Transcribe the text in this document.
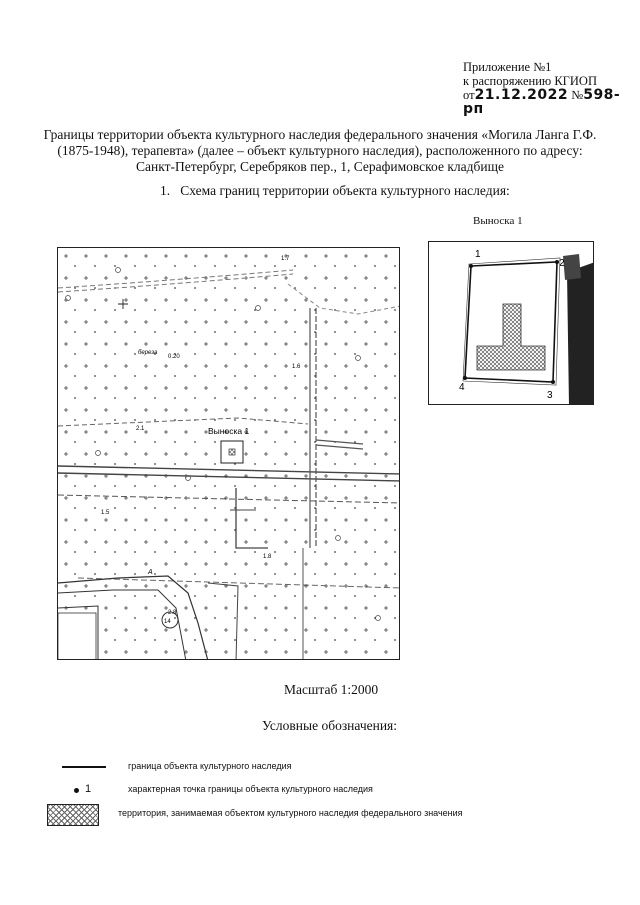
Приложение №1
к распоряжению КГИОП
от21.12.2022 №598-рп
Границы территории объекта культурного наследия федерального значения «Могила Ланга Г.Ф.
(1875-1948), терапевта» (далее – объект культурного наследия), расположенного по адресу:
Санкт-Петербург, Серебряков пер., 1, Серафимовское кладбище
1. Схема границ территории объекта культурного наследия:
Выноска 1
14
Выноска 1
береза
0.20
1.6
2.1
1.5
1.8
2.8
1.7
А
1
2
3
4
Масштаб 1:2000
Условные обозначения:
граница объекта культурного наследия
1	характерная точка границы объекта культурного наследия
территория, занимаемая объектом культурного наследия федерального значения
